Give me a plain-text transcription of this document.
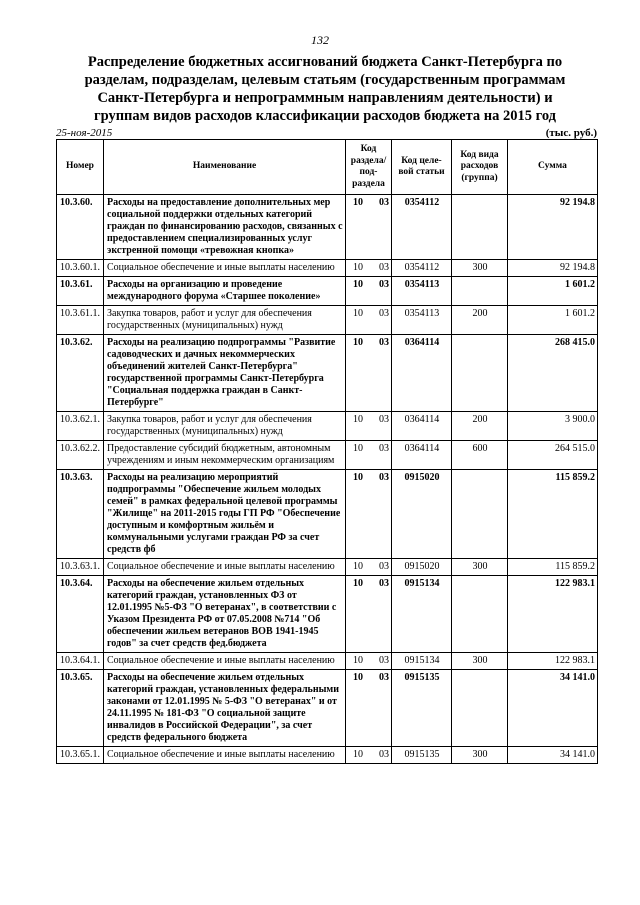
132
Распределение бюджетных ассигнований бюджета Санкт-Петербурга по разделам, подразделам, целевым статьям (государственным программам Санкт-Петербурга и непрограммным направлениям деятельности) и группам видов расходов классификации расходов бюджета на 2015 год
25-ноя-2015	(тыс. руб.)
Номер	Наименование	Код раздела/ под-раздела	Код целе-вой статьи	Код вида расходов (группа)	Сумма
10.3.60.	Расходы на предоставление дополнительных мер социальной поддержки отдельных категорий граждан по финансированию расходов, связанных с предоставлением специализированных услуг экстренной помощи «тревожная кнопка»	10 03	0354112		92 194.8
10.3.60.1.	Социальное обеспечение и иные выплаты населению	10 03	0354112	300	92 194.8
10.3.61.	Расходы на организацию и проведение международного форума «Старшее поколение»	10 03	0354113		1 601.2
10.3.61.1.	Закупка товаров, работ и услуг для обеспечения государственных (муниципальных) нужд	10 03	0354113	200	1 601.2
10.3.62.	Расходы на реализацию подпрограммы "Развитие садоводческих и дачных некоммерческих объединений жителей Санкт-Петербурга" государственной программы Санкт-Петербурга "Социальная поддержка граждан в Санкт-Петербурге"	10 03	0364114		268 415.0
10.3.62.1.	Закупка товаров, работ и услуг для обеспечения государственных (муниципальных) нужд	10 03	0364114	200	3 900.0
10.3.62.2.	Предоставление субсидий бюджетным, автономным учреждениям и иным некоммерческим организациям	10 03	0364114	600	264 515.0
10.3.63.	Расходы на реализацию мероприятий подпрограммы "Обеспечение жильем молодых семей" в рамках федеральной целевой программы "Жилище" на 2011-2015 годы ГП РФ "Обеспечение доступным и комфортным жильём и коммунальными услугами граждан РФ за счет средств фб	10 03	0915020		115 859.2
10.3.63.1.	Социальное обеспечение и иные выплаты населению	10 03	0915020	300	115 859.2
10.3.64.	Расходы на обеспечение жильем отдельных категорий граждан, установленных ФЗ от 12.01.1995 №5-ФЗ "О ветеранах", в соответствии с Указом Президента РФ от 07.05.2008 №714 "Об обеспечении жильем ветеранов ВОВ 1941-1945 годов" за счет средств фед.бюджета	10 03	0915134		122 983.1
10.3.64.1.	Социальное обеспечение и иные выплаты населению	10 03	0915134	300	122 983.1
10.3.65.	Расходы на обеспечение жильем отдельных категорий граждан, установленных федеральными законами от 12.01.1995 № 5-ФЗ "О ветеранах" и от 24.11.1995 № 181-ФЗ "О социальной защите инвалидов в Российской Федерации", за счет средств федерального бюджета	10 03	0915135		34 141.0
10.3.65.1.	Социальное обеспечение и иные выплаты населению	10 03	0915135	300	34 141.0
